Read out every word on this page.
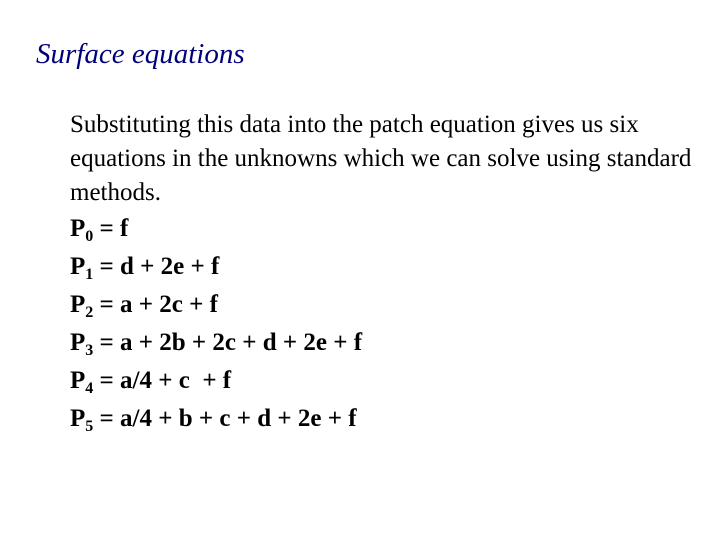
Surface equations

Substituting this data into the patch equation gives us six equations in the unknowns which we can solve using standard methods.

$P_0 = f$
$P_1 = d + 2e + f$
$P_2 = a + 2c + f$
$P_3 = a + 2b + 2c + d + 2e + f$
$P_4 = a/4 + c + f$
$P_5 = a/4 + b + c + d + 2e + f$
